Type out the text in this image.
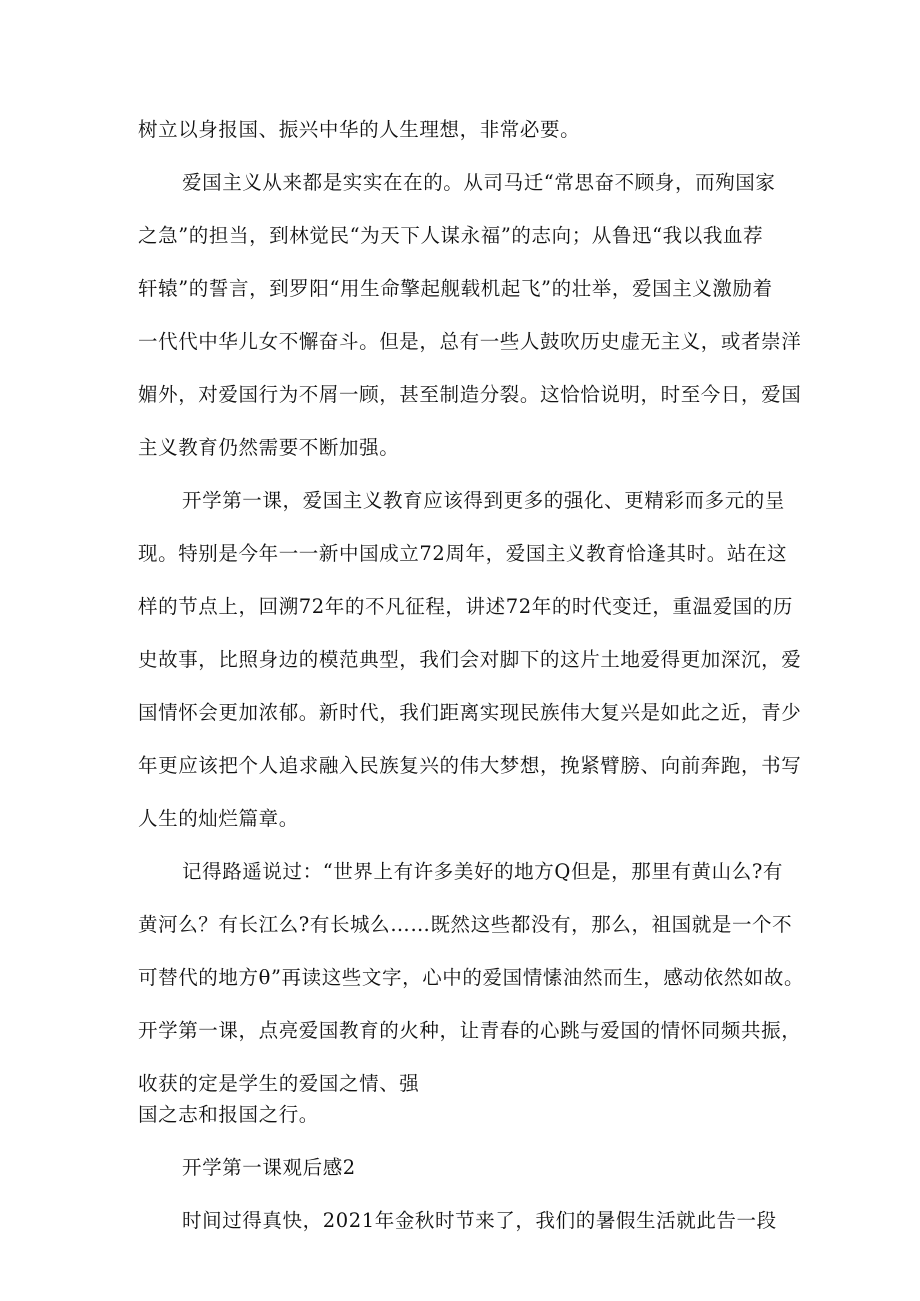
树立以身报国、振兴中华的人生理想，非常必要。
爱国主义从来都是实实在在的。从司马迁“常思奋不顾身，而殉国家
之急”的担当，到林觉民“为天下人谋永福”的志向；从鲁迅“我以我血荐
轩辕”的誓言，到罗阳“用生命擎起舰载机起飞”的壮举，爱国主义激励着
一代代中华儿女不懈奋斗。但是，总有一些人鼓吹历史虚无主义，或者崇洋
媚外，对爱国行为不屑一顾，甚至制造分裂。这恰恰说明，时至今日，爱国
主义教育仍然需要不断加强。
开学第一课，爱国主义教育应该得到更多的强化、更精彩而多元的呈
现。特别是今年一一新中国成立72周年，爱国主义教育恰逢其时。站在这
样的节点上，回溯72年的不凡征程，讲述72年的时代变迁，重温爱国的历
史故事，比照身边的模范典型，我们会对脚下的这片土地爱得更加深沉，爱
国情怀会更加浓郁。新时代，我们距离实现民族伟大复兴是如此之近，青少
年更应该把个人追求融入民族复兴的伟大梦想，挽紧臂膀、向前奔跑，书写
人生的灿烂篇章。
记得路遥说过：“世界上有许多美好的地方Q但是，那里有黄山么?有
黄河么？有长江么?有长城么……既然这些都没有，那么，祖国就是一个不
可替代的地方θ”再读这些文字，心中的爱国情愫油然而生，感动依然如故。
开学第一课，点亮爱国教育的火种，让青春的心跳与爱国的情怀同频共振，
收获的定是学生的爱国之情、强
国之志和报国之行。
开学第一课观后感2
时间过得真快，2021年金秋时节来了，我们的暑假生活就此告一段
